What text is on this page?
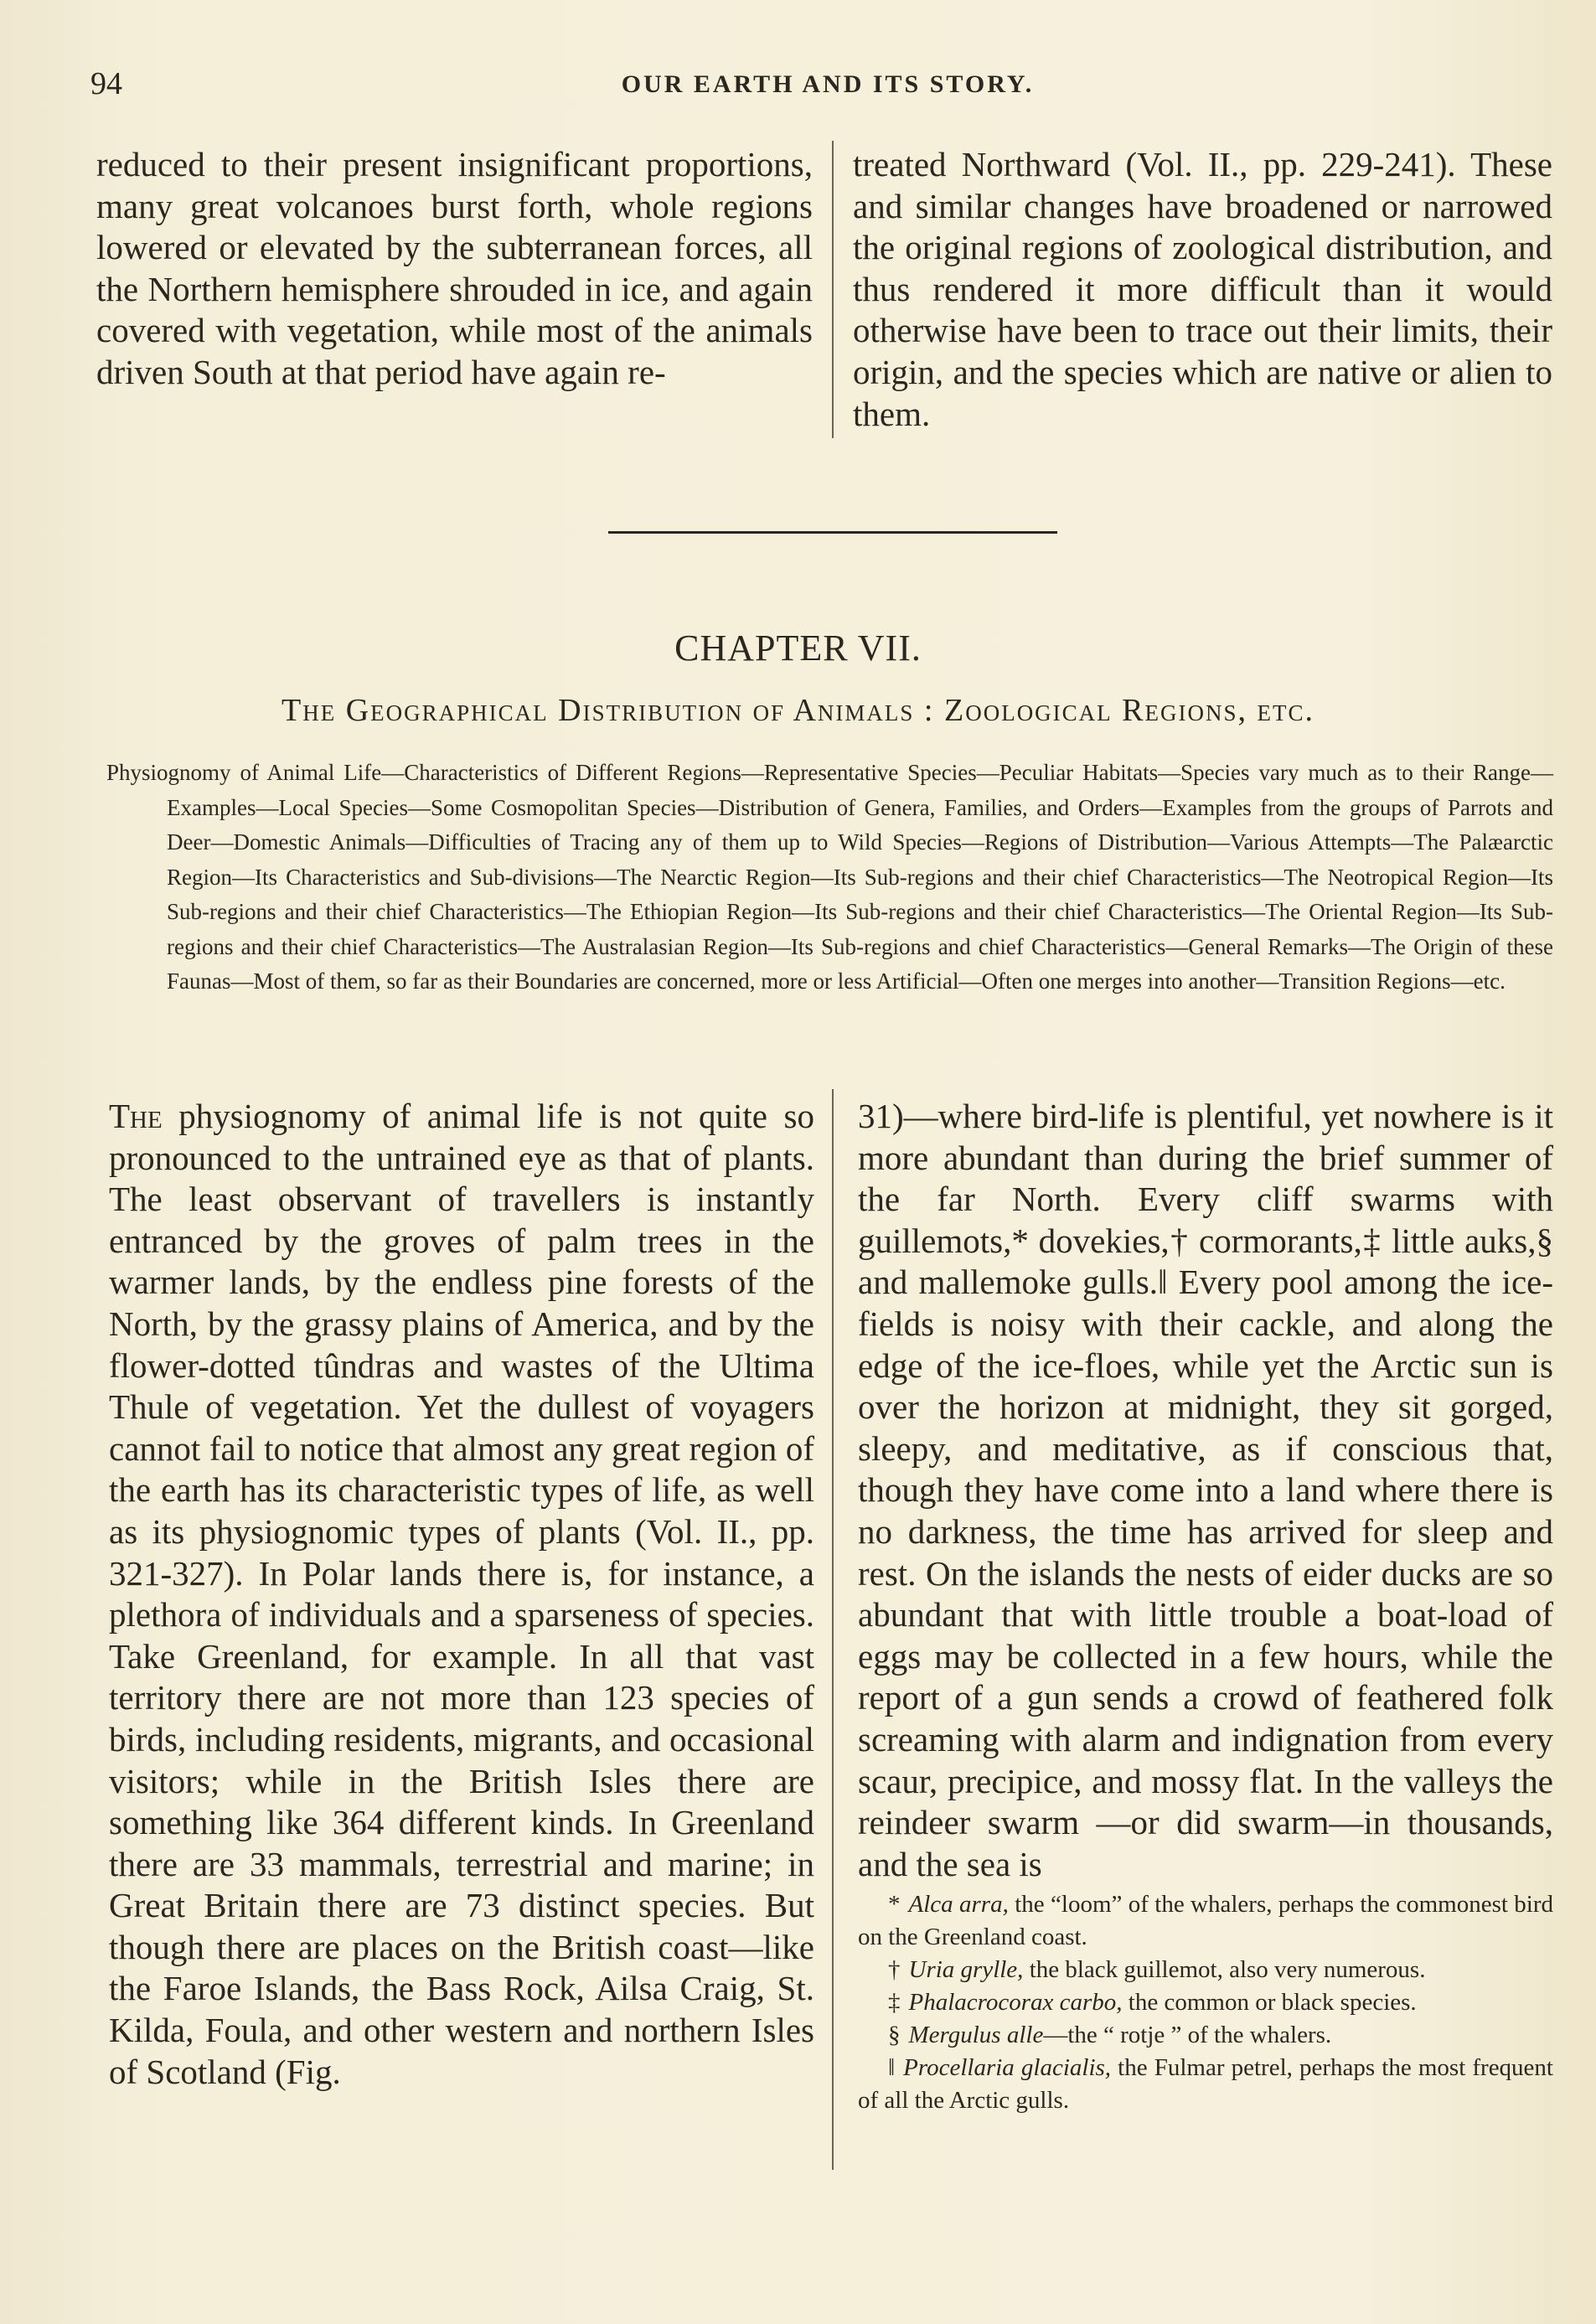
94	OUR EARTH AND ITS STORY.

reduced to their present insignificant proportions, many great volcanoes burst forth, whole regions lowered or elevated by the subterranean forces, all the Northern hemisphere shrouded in ice, and again covered with vegetation, while most of the animals driven South at that period have again re-

treated Northward (Vol. II., pp. 229-241). These and similar changes have broadened or narrowed the original regions of zoological distribution, and thus rendered it more difficult than it would otherwise have been to trace out their limits, their origin, and the species which are native or alien to them.

CHAPTER VII.
The Geographical Distribution of Animals : Zoological Regions, etc.
Physiognomy of Animal Life—Characteristics of Different Regions—Representative Species—Peculiar Habitats—Species vary much as to their Range—Examples—Local Species—Some Cosmopolitan Species—Distribution of Genera, Families, and Orders—Examples from the groups of Parrots and Deer—Domestic Animals—Difficulties of Tracing any of them up to Wild Species—Regions of Distribution—Various Attempts—The Palæarctic Region—Its Characteristics and Sub-divisions—The Nearctic Region—Its Sub-regions and their chief Characteristics—The Neotropical Region—Its Sub-regions and their chief Characteristics—The Ethiopian Region—Its Sub-regions and their chief Characteristics—The Oriental Region—Its Sub-regions and their chief Characteristics—The Australasian Region—Its Sub-regions and chief Characteristics—General Remarks—The Origin of these Faunas—Most of them, so far as their Boundaries are concerned, more or less Artificial—Often one merges into another—Transition Regions—etc.

The physiognomy of animal life is not quite so pronounced to the untrained eye as that of plants. The least observant of travellers is instantly entranced by the groves of palm trees in the warmer lands, by the endless pine forests of the North, by the grassy plains of America, and by the flower-dotted tûndras and wastes of the Ultima Thule of vegetation. Yet the dullest of voyagers cannot fail to notice that almost any great region of the earth has its characteristic types of life, as well as its physiognomic types of plants (Vol. II., pp. 321-327). In Polar lands there is, for instance, a plethora of individuals and a sparseness of species. Take Greenland, for example. In all that vast territory there are not more than 123 species of birds, including residents, migrants, and occasional visitors; while in the British Isles there are something like 364 different kinds. In Greenland there are 33 mammals, terrestrial and marine; in Great Britain there are 73 distinct species. But though there are places on the British coast—like the Faroe Islands, the Bass Rock, Ailsa Craig, St. Kilda, Foula, and other western and northern Isles of Scotland (Fig.

31)—where bird-life is plentiful, yet nowhere is it more abundant than during the brief summer of the far North. Every cliff swarms with guillemots,* dovekies,† cormorants,‡ little auks,§ and mallemoke gulls.‖ Every pool among the ice-fields is noisy with their cackle, and along the edge of the ice-floes, while yet the Arctic sun is over the horizon at midnight, they sit gorged, sleepy, and meditative, as if conscious that, though they have come into a land where there is no darkness, the time has arrived for sleep and rest. On the islands the nests of eider ducks are so abundant that with little trouble a boat-load of eggs may be collected in a few hours, while the report of a gun sends a crowd of feathered folk screaming with alarm and indignation from every scaur, precipice, and mossy flat. In the valleys the reindeer swarm —or did swarm—in thousands, and the sea is

* Alca arra, the “loom” of the whalers, perhaps the commonest bird on the Greenland coast.

† Uria grylle, the black guillemot, also very numerous.

‡ Phalacrocorax carbo, the common or black species.

§ Mergulus alle—the “ rotje ” of the whalers.

‖ Procellaria glacialis, the Fulmar petrel, perhaps the most frequent of all the Arctic gulls.
